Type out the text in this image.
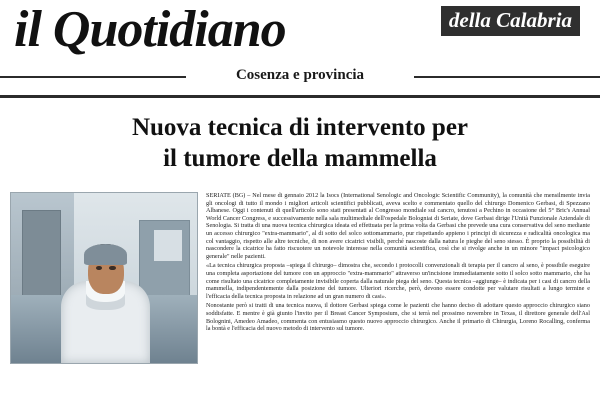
il Quotidiano	della Calabria
Cosenza e provincia
Nuova tecnica di intervento per
il tumore della mammella

SERIATE (BG) – Nel mese di gennaio 2012 la Isocs (International Senologic and Oncologic Scientific Community), la comunità che mensilmente invia gli oncologi di tutto il mondo i migliori articoli scientifici pubblicati, avevа scelto e commentato quello del chirurgo Domenico Gerbasi, di Spezzano Albanese. Oggi i contenuti di quell'articolo sono stati presentati al Congresso mondiale sul cancro, tenutosi a Pechino in occasione del 5° Bric's Annual World Cancer Congress, e successivamente nella sala multimediale dell'ospedale Bologniai di Seriate, dove Gerbasi dirige l'Unità Funzionale Aziendale di Senologia. Si tratta di una nuova tecnica chirurgica ideata ed effettuata per la prima volta da Gerbasi che prevede una cura conservativa del seno mediante un accesso chirurgico "extra-mammario", al di sotto del solco sottomammario, pur rispettando appieno i principi di sicurezza e radicalità oncologica ma col vantaggio, rispetto alle altre tecniche, di non avere cicatrici visibili, perché nascoste dalla natura le pieghe del seno stesso. È proprio la possibilità di nascondere la cicatrice ha fatto riscuotere un notevole interesse nella comunità scientifica, così che si rivolge anche in un minore "impact psicologico generale" nelle pazienti.

«La tecnica chirurgica proposta –spiega il chirurgo– dimostra che, secondo i protocolli convenzionali di terapia per il cancro al seno, è possibile eseguire una completa asportazione del tumore con un approccio "extra-mammario" attraverso un'incisione immediatamente sotto il solco sotto mammario, che ha come risultato una cicatrice completamente invisibile coperta dalla naturale piega del seno. Questa tecnica –aggiunge– è indicata per i casi di cancro della mammella, indipendentemente dalla posizione del tumore. Ulteriori ricerche, però, devono essere condotte per valutare risultati a lungo termine e l'efficacia della tecnica proposta in relazione ad un gran numero di casi».

Nonostante però si tratti di una tecnica nuova, il dottore Gerbasi spiega come le pazienti che hanno deciso di adottare questo approccio chirurgico siano soddisfatte. E mentre è già giunto l'invito per il Breast Cancer Symposium, che si terrà nel prossimo novembre in Texas, il direttore generale dell'Asl Bolognini, Amedeo Amadeo, commenta con entusiasmo questo nuovo approccio chirurgico. Anche il primario di Chirurgia, Loreno Rocalling, conferma la bontà e l'efficacia del nuovo metodo di intervento sul tumore.
